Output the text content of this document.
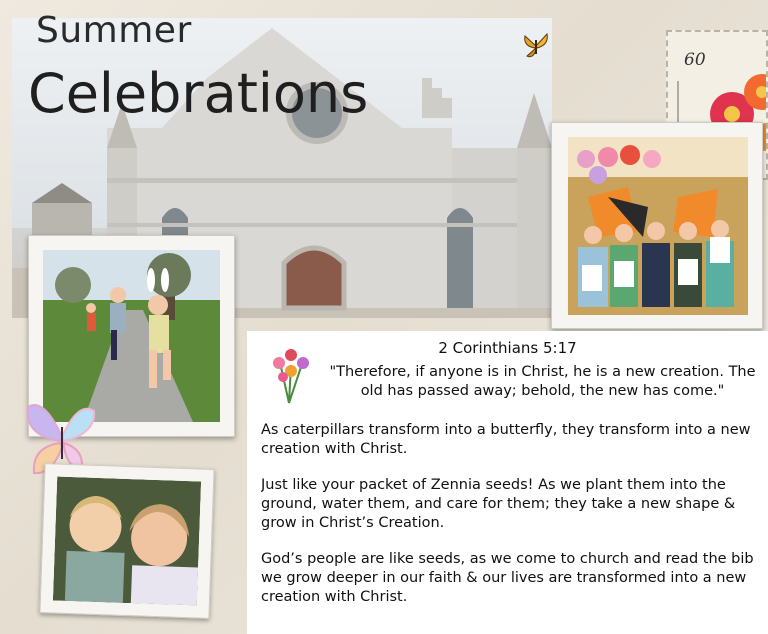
Summer
Celebrations
60
2 Corinthians 5:17
"Therefore, if anyone is in Christ, he is a new creation. The old has passed away; behold, the new has come."
As caterpillars transform into a butterfly, they transform into a new
creation with Christ.
Just like your packet of Zennia seeds! As we plant them into the
ground, water them, and care for them; they take a new shape &
grow in Christ’s Creation.
God’s people are like seeds, as we come to church and read the bib
we grow deeper in our faith & our lives are transformed into a new
creation with Christ.
